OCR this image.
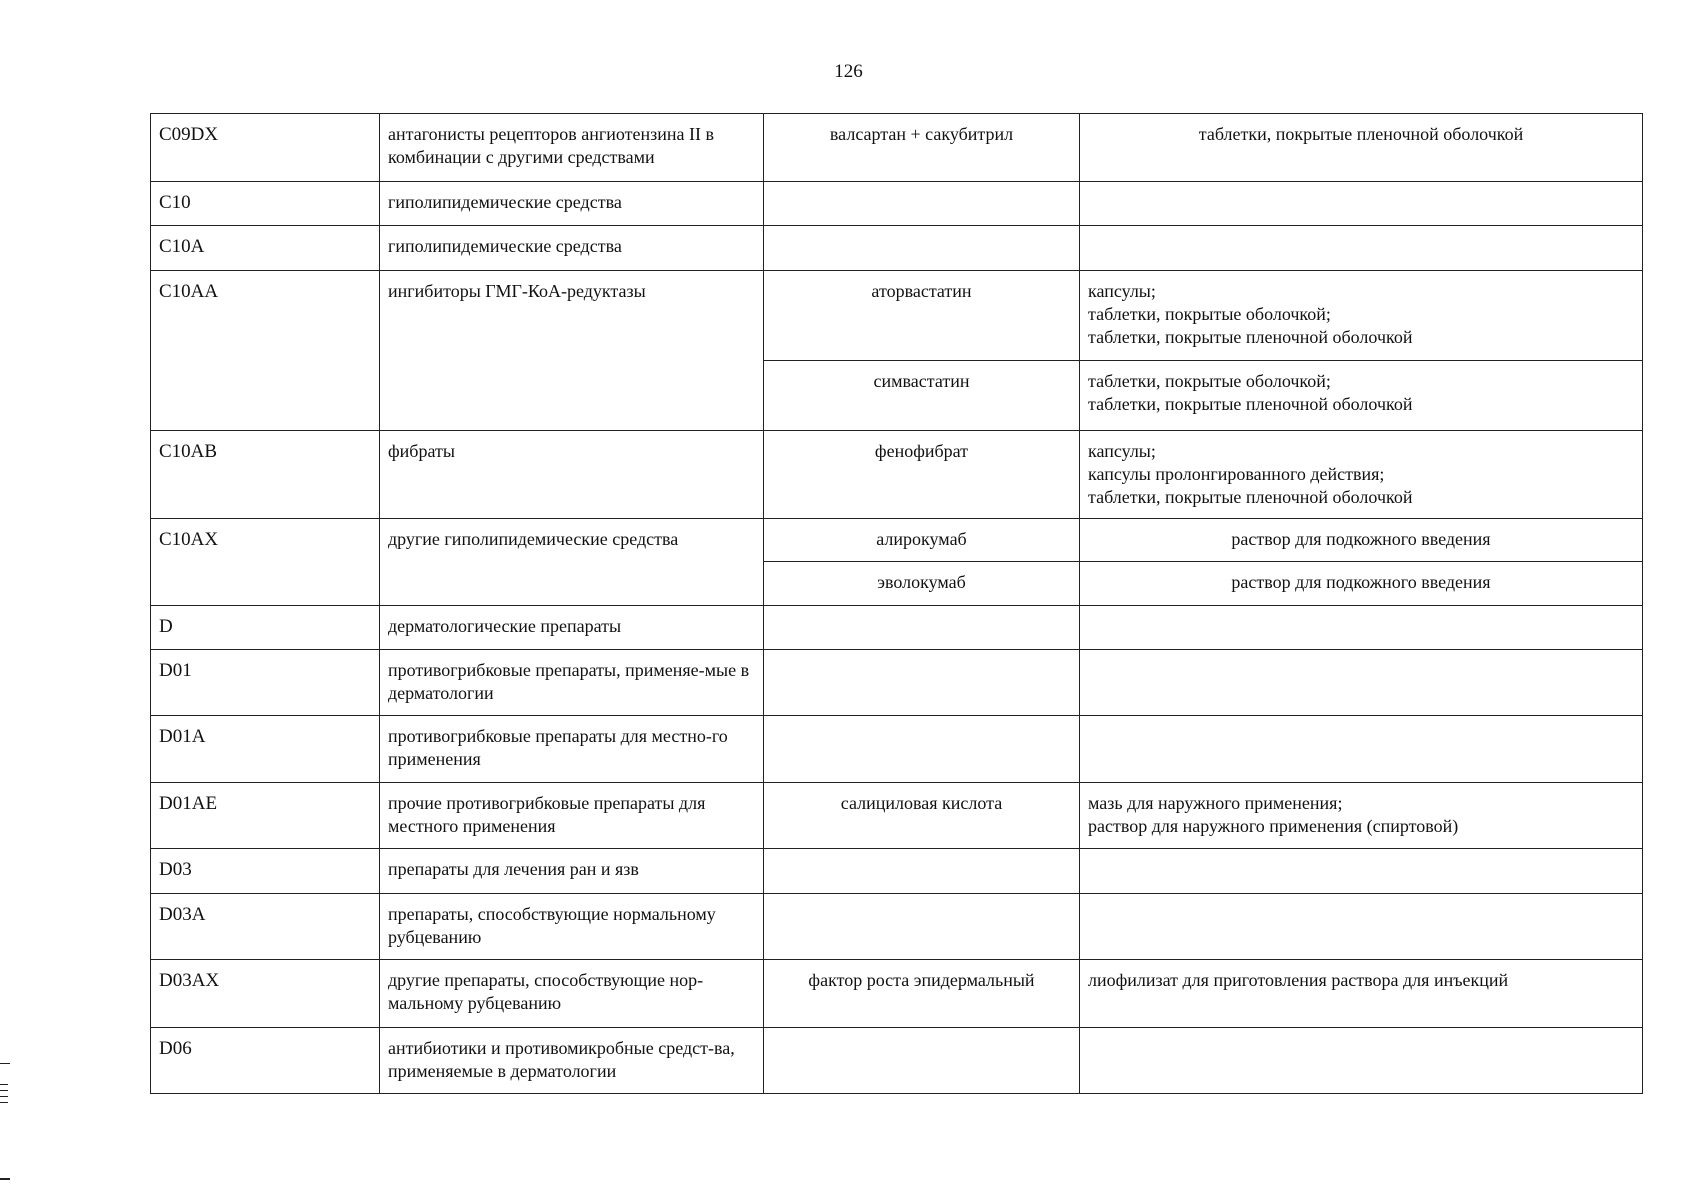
126
C09DX	антагонисты рецепторов ангиотензина II в комбинации с другими средствами	валсартан + сакубитрил	таблетки, покрытые пленочной оболочкой

C10	гиполипидемические средства		
C10A	гиполипидемические средства		
C10AA	ингибиторы ГМГ-КоА-редуктазы	аторвастатин	капсулы;
таблетки, покрытые оболочкой;
таблетки, покрытые пленочной оболочкой

		симвастатин	таблетки, покрытые оболочкой;
таблетки, покрытые пленочной оболочкой

C10AB	фибраты	фенофибрат	капсулы;
капсулы пролонгированного действия;
таблетки, покрытые пленочной оболочкой

C10AX	другие гиполипидемические средства	алирокумаб	раствор для подкожного введения

		эволокумаб	раствор для подкожного введения

D	дерматологические препараты		
D01	противогрибковые препараты, применяе-мые в дерматологии		
D01A	противогрибковые препараты для местно-го применения		
D01AE	прочие противогрибковые препараты для местного применения	салициловая кислота	мазь для наружного применения;
раствор для наружного применения (спиртовой)

D03	препараты для лечения ран и язв		
D03A	препараты, способствующие нормальному рубцеванию		
D03AX	другие препараты, способствующие нор-мальному рубцеванию	фактор роста эпидермальный	лиофилизат для приготовления раствора для инъекций

D06	антибиотики и противомикробные средст-ва, применяемые в дерматологии		
